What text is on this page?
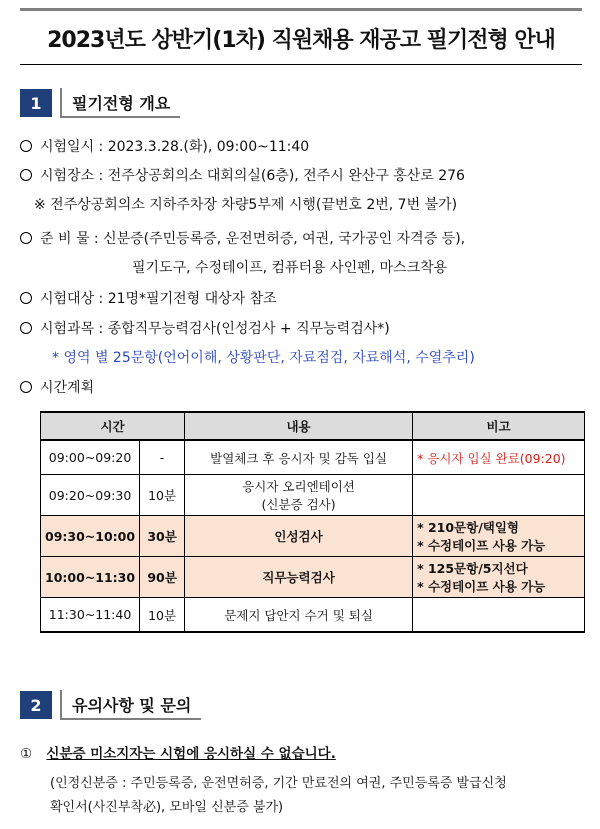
2023년도 상반기(1차) 직원채용 재공고 필기전형 안내
1	필기전형 개요
시험일시 : 2023.3.28.(화), 09:00~11:40
시험장소 : 전주상공회의소 대회의실(6층), 전주시 완산구 홍산로 276
※ 전주상공회의소 지하주차장 차량5부제 시행(끝번호 2번, 7번 불가)
준 비 물 : 신분증(주민등록증, 운전면허증, 여권, 국가공인 자격증 등),
필기도구, 수정테이프, 컴퓨터용 사인펜, 마스크착용
시험대상 : 21명*필기전형 대상자 참조
시험과목 : 종합직무능력검사(인성검사 + 직무능력검사*)
* 영역 별 25문항(언어이해, 상황판단, 자료점검, 자료해석, 수열추리)
시간계획
시간		내용	비고
09:00~09:20	-	발열체크 후 응시자 및 감독 입실	* 응시자 입실 완료(09:20)
09:20~09:30	10분	응시자 오리엔테이션
(신분증 검사)	

09:30~10:00	30분	인성검사	* 210문항/택일형
* 수정테이프 사용 가능

10:00~11:30	90분	직무능력검사	* 125문항/5지선다
* 수정테이프 사용 가능

11:30~11:40	10분	문제지 답안지 수거 및 퇴실	
2	유의사항 및 문의
① 신분증 미소지자는 시험에 응시하실 수 없습니다.
(인정신분증 : 주민등록증, 운전면허증, 기간 만료전의 여권, 주민등록증 발급신청
확인서(사진부착必), 모바일 신분증 불가)
